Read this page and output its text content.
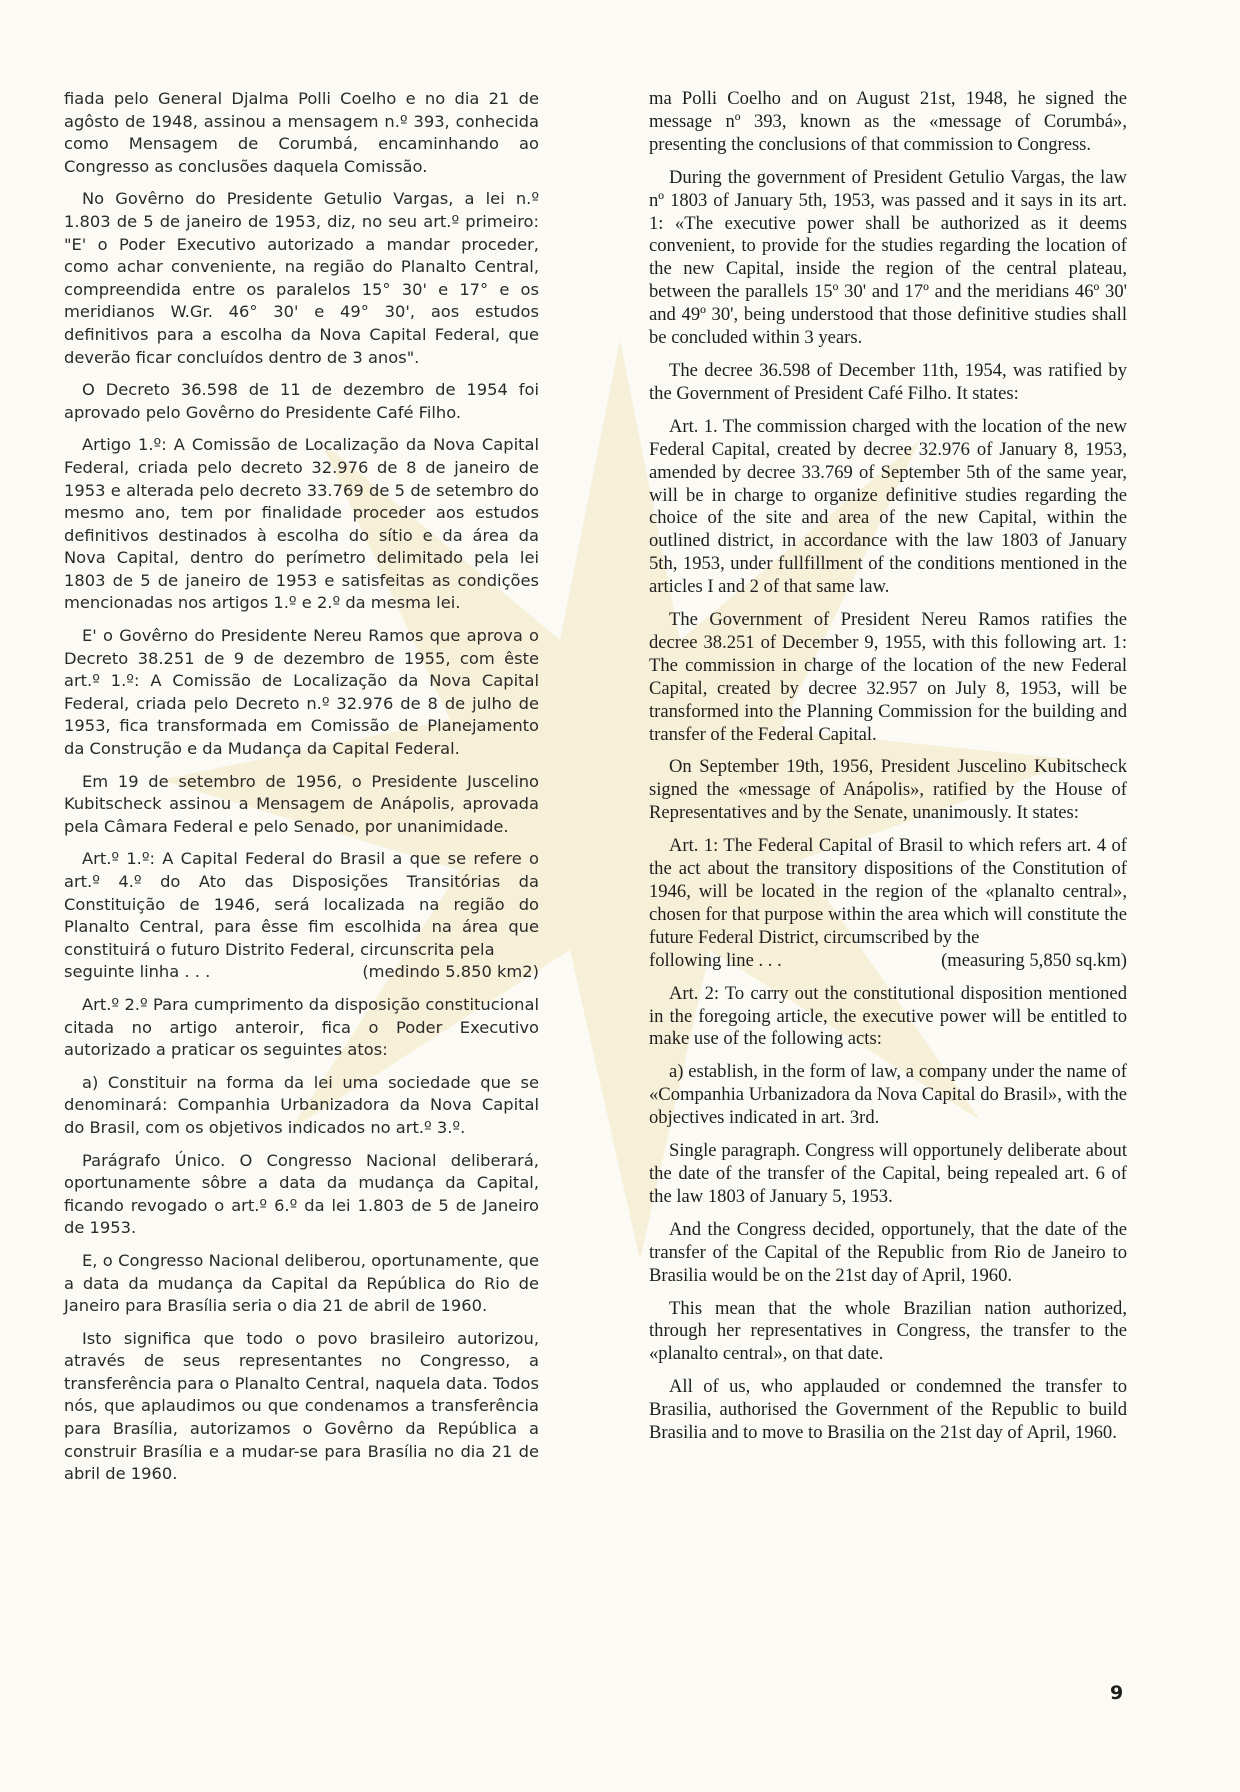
fiada pelo General Djalma Polli Coelho e no dia 21 de agôsto de 1948, assinou a mensagem n.º 393, conhecida como Mensagem de Corumbá, encaminhando ao Congresso as conclusões daquela Comissão.

No Govêrno do Presidente Getulio Vargas, a lei n.º 1.803 de 5 de janeiro de 1953, diz, no seu art.º primeiro: "E' o Poder Executivo autorizado a mandar proceder, como achar conveniente, na região do Planalto Central, compreendida entre os paralelos 15° 30' e 17° e os meridianos W.Gr. 46° 30' e 49° 30', aos estudos definitivos para a escolha da Nova Capital Federal, que deverão ficar concluídos dentro de 3 anos".

O Decreto 36.598 de 11 de dezembro de 1954 foi aprovado pelo Govêrno do Presidente Café Filho.

Artigo 1.º: A Comissão de Localização da Nova Capital Federal, criada pelo decreto 32.976 de 8 de janeiro de 1953 e alterada pelo decreto 33.769 de 5 de setembro do mesmo ano, tem por finalidade proceder aos estudos definitivos destinados à escolha do sítio e da área da Nova Capital, dentro do perímetro delimitado pela lei 1803 de 5 de janeiro de 1953 e satisfeitas as condições mencionadas nos artigos 1.º e 2.º da mesma lei.

E' o Govêrno do Presidente Nereu Ramos que aprova o Decreto 38.251 de 9 de dezembro de 1955, com êste art.º 1.º: A Comissão de Localização da Nova Capital Federal, criada pelo Decreto n.º 32.976 de 8 de julho de 1953, fica transformada em Comissão de Planejamento da Construção e da Mudança da Capital Federal.

Em 19 de setembro de 1956, o Presidente Juscelino Kubitscheck assinou a Mensagem de Anápolis, aprovada pela Câmara Federal e pelo Senado, por unanimidade.

Art.º 1.º: A Capital Federal do Brasil a que se refere o art.º 4.º do Ato das Disposições Transitórias da Constituição de 1946, será localizada na região do Planalto Central, para êsse fim escolhida na área que constituirá o futuro Distrito Federal, circunscrita pela

seguinte linha . . .	(medindo 5.850 km2)

Art.º 2.º Para cumprimento da disposição constitucional citada no artigo anteroir, fica o Poder Executivo autorizado a praticar os seguintes atos:

a) Constituir na forma da lei uma sociedade que se denominará: Companhia Urbanizadora da Nova Capital do Brasil, com os objetivos indicados no art.º 3.º.

Parágrafo Único. O Congresso Nacional deliberará, oportunamente sôbre a data da mudança da Capital, ficando revogado o art.º 6.º da lei 1.803 de 5 de Janeiro de 1953.

E, o Congresso Nacional deliberou, oportunamente, que a data da mudança da Capital da República do Rio de Janeiro para Brasília seria o dia 21 de abril de 1960.

Isto significa que todo o povo brasileiro autorizou, através de seus representantes no Congresso, a transferência para o Planalto Central, naquela data. Todos nós, que aplaudimos ou que condenamos a transferência para Brasília, autorizamos o Govêrno da República a construir Brasília e a mudar-se para Brasília no dia 21 de abril de 1960.

ma Polli Coelho and on August 21st, 1948, he signed the message nº 393, known as the «message of Corumbá», presenting the conclusions of that commission to Congress.

During the government of President Getulio Vargas, the law nº 1803 of January 5th, 1953, was passed and it says in its art. 1: «The executive power shall be authorized as it deems convenient, to provide for the studies regarding the location of the new Capital, inside the region of the central plateau, between the parallels 15º 30' and 17º and the meridians 46º 30' and 49º 30', being understood that those definitive studies shall be concluded within 3 years.

The decree 36.598 of December 11th, 1954, was ratified by the Government of President Café Filho. It states:

Art. 1. The commission charged with the location of the new Federal Capital, created by decree 32.976 of January 8, 1953, amended by decree 33.769 of September 5th of the same year, will be in charge to organize definitive studies regarding the choice of the site and area of the new Capital, within the outlined district, in accordance with the law 1803 of January 5th, 1953, under fullfillment of the conditions mentioned in the articles I and 2 of that same law.

The Government of President Nereu Ramos ratifies the decree 38.251 of December 9, 1955, with this following art. 1: The commission in charge of the location of the new Federal Capital, created by decree 32.957 on July 8, 1953, will be transformed into the Planning Commission for the building and transfer of the Federal Capital.

On September 19th, 1956, President Juscelino Kubitscheck signed the «message of Anápolis», ratified by the House of Representatives and by the Senate, unanimously. It states:

Art. 1: The Federal Capital of Brasil to which refers art. 4 of the act about the transitory dispositions of the Constitution of 1946, will be located in the region of the «planalto central», chosen for that purpose within the area which will constitute the future Federal District, circumscribed by the

following line . . .	(measuring 5,850 sq.km)

Art. 2: To carry out the constitutional disposition mentioned in the foregoing article, the executive power will be entitled to make use of the following acts:

a) establish, in the form of law, a company under the name of «Companhia Urbanizadora da Nova Capital do Brasil», with the objectives indicated in art. 3rd.

Single paragraph. Congress will opportunely deliberate about the date of the transfer of the Capital, being repealed art. 6 of the law 1803 of January 5, 1953.

And the Congress decided, opportunely, that the date of the transfer of the Capital of the Republic from Rio de Janeiro to Brasilia would be on the 21st day of April, 1960.

This mean that the whole Brazilian nation authorized, through her representatives in Congress, the transfer to the «planalto central», on that date.

All of us, who applauded or condemned the transfer to Brasilia, authorised the Government of the Republic to build Brasilia and to move to Brasilia on the 21st day of April, 1960.

9
